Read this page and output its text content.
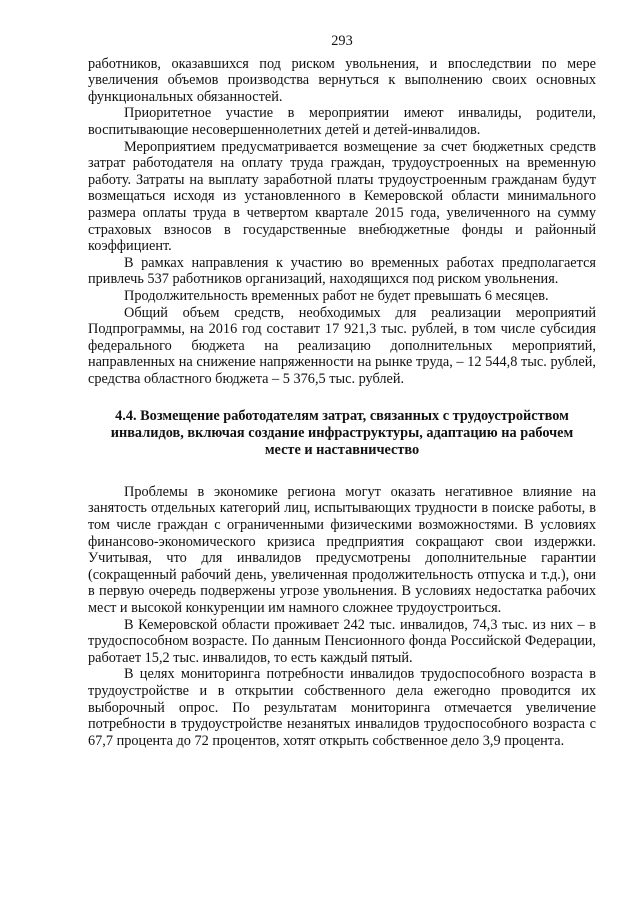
293

работников, оказавшихся под риском увольнения, и впоследствии по мере увеличения объемов производства вернуться к выполнению своих основных функциональных обязанностей.

Приоритетное участие в мероприятии имеют инвалиды, родители, воспитывающие несовершеннолетних детей и детей-инвалидов.

Мероприятием предусматривается возмещение за счет бюджетных средств затрат работодателя на оплату труда граждан, трудоустроенных на временную работу. Затраты на выплату заработной платы трудоустроенным гражданам будут возмещаться исходя из установленного в Кемеровской области минимального размера оплаты труда в четвертом квартале 2015 года, увеличенного на сумму страховых взносов в государственные внебюджетные фонды и районный коэффициент.

В рамках направления к участию во временных работах предполагается привлечь 537 работников организаций, находящихся под риском увольнения.

Продолжительность временных работ не будет превышать 6 месяцев.

Общий объем средств, необходимых для реализации мероприятий Подпрограммы, на 2016 год составит 17 921,3 тыс. рублей, в том числе субсидия федерального бюджета на реализацию дополнительных мероприятий, направленных на снижение напряженности на рынке труда, – 12 544,8 тыс. рублей, средства областного бюджета – 5 376,5 тыс. рублей.

4.4. Возмещение работодателям затрат, связанных с трудоустройством инвалидов, включая создание инфраструктуры, адаптацию на рабочем месте и наставничество

Проблемы в экономике региона могут оказать негативное влияние на занятость отдельных категорий лиц, испытывающих трудности в поиске работы, в том числе граждан с ограниченными физическими возможностями. В условиях финансово-экономического кризиса предприятия сокращают свои издержки. Учитывая, что для инвалидов предусмотрены дополнительные гарантии (сокращенный рабочий день, увеличенная продолжительность отпуска и т.д.), они в первую очередь подвержены угрозе увольнения. В условиях недостатка рабочих мест и высокой конкуренции им намного сложнее трудоустроиться.

В Кемеровской области проживает 242 тыс. инвалидов, 74,3 тыс. из них – в трудоспособном возрасте. По данным Пенсионного фонда Российской Федерации, работает 15,2 тыс. инвалидов, то есть каждый пятый.

В целях мониторинга потребности инвалидов трудоспособного возраста в трудоустройстве и в открытии собственного дела ежегодно проводится их выборочный опрос. По результатам мониторинга отмечается увеличение потребности в трудоустройстве незанятых инвалидов трудоспособного возраста с 67,7 процента до 72 процентов, хотят открыть собственное дело 3,9 процента.
